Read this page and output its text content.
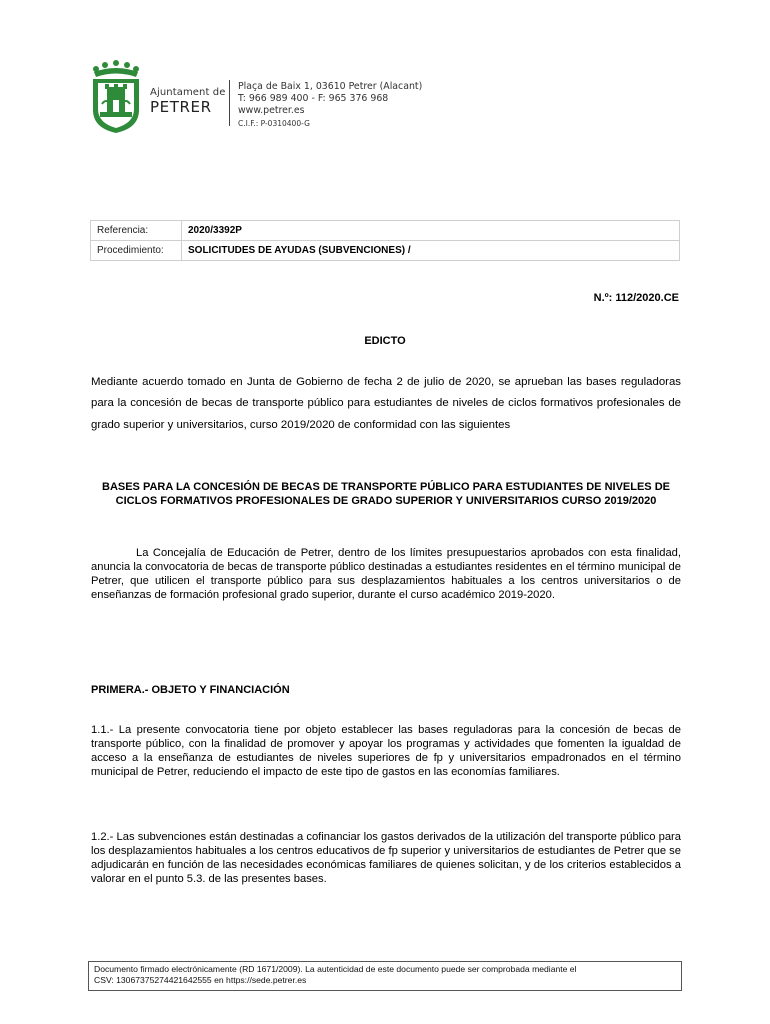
Ajuntament de
PETRER
Plaça de Baix 1, 03610 Petrer (Alacant)
T: 966 989 400 - F: 965 376 968
www.petrer.es
C.I.F.: P-0310400-G
Referencia:	2020/3392P
Procedimiento:	SOLICITUDES DE AYUDAS (SUBVENCIONES) /
N.º: 112/2020.CE
EDICTO
Mediante acuerdo tomado en Junta de Gobierno de fecha 2 de julio de 2020, se aprueban las bases reguladoras para la concesión de becas de transporte público para estudiantes de niveles de ciclos formativos profesionales de grado superior y universitarios, curso 2019/2020 de conformidad con las siguientes
BASES PARA LA CONCESIÓN DE BECAS DE TRANSPORTE PÚBLICO PARA ESTUDIANTES DE NIVELES DE CICLOS FORMATIVOS PROFESIONALES DE GRADO SUPERIOR Y UNIVERSITARIOS CURSO 2019/2020
La Concejalía de Educación de Petrer, dentro de los límites presupuestarios aprobados con esta finalidad, anuncia la convocatoria de becas de transporte público destinadas a estudiantes residentes en el término municipal de Petrer, que utilicen el transporte público para sus desplazamientos habituales a los centros universitarios o de enseñanzas de formación profesional grado superior, durante el curso académico 2019-2020.
PRIMERA.- OBJETO Y FINANCIACIÓN
1.1.- La presente convocatoria tiene por objeto establecer las bases reguladoras para la concesión de becas de transporte público, con la finalidad de promover y apoyar los programas y actividades que fomenten la igualdad de acceso a la enseñanza de estudiantes de niveles superiores de fp y universitarios empadronados en el término municipal de Petrer, reduciendo el impacto de este tipo de gastos en las economías familiares.
1.2.- Las subvenciones están destinadas a cofinanciar los gastos derivados de la utilización del transporte público para los desplazamientos habituales a los centros educativos de fp superior y universitarios de estudiantes de Petrer que se adjudicarán en función de las necesidades económicas familiares de quienes solicitan, y de los criterios establecidos a valorar en el punto 5.3. de las presentes bases.
Documento firmado electrónicamente (RD 1671/2009). La autenticidad de este documento puede ser comprobada mediante el
CSV: 13067375274421642555 en https://sede.petrer.es
